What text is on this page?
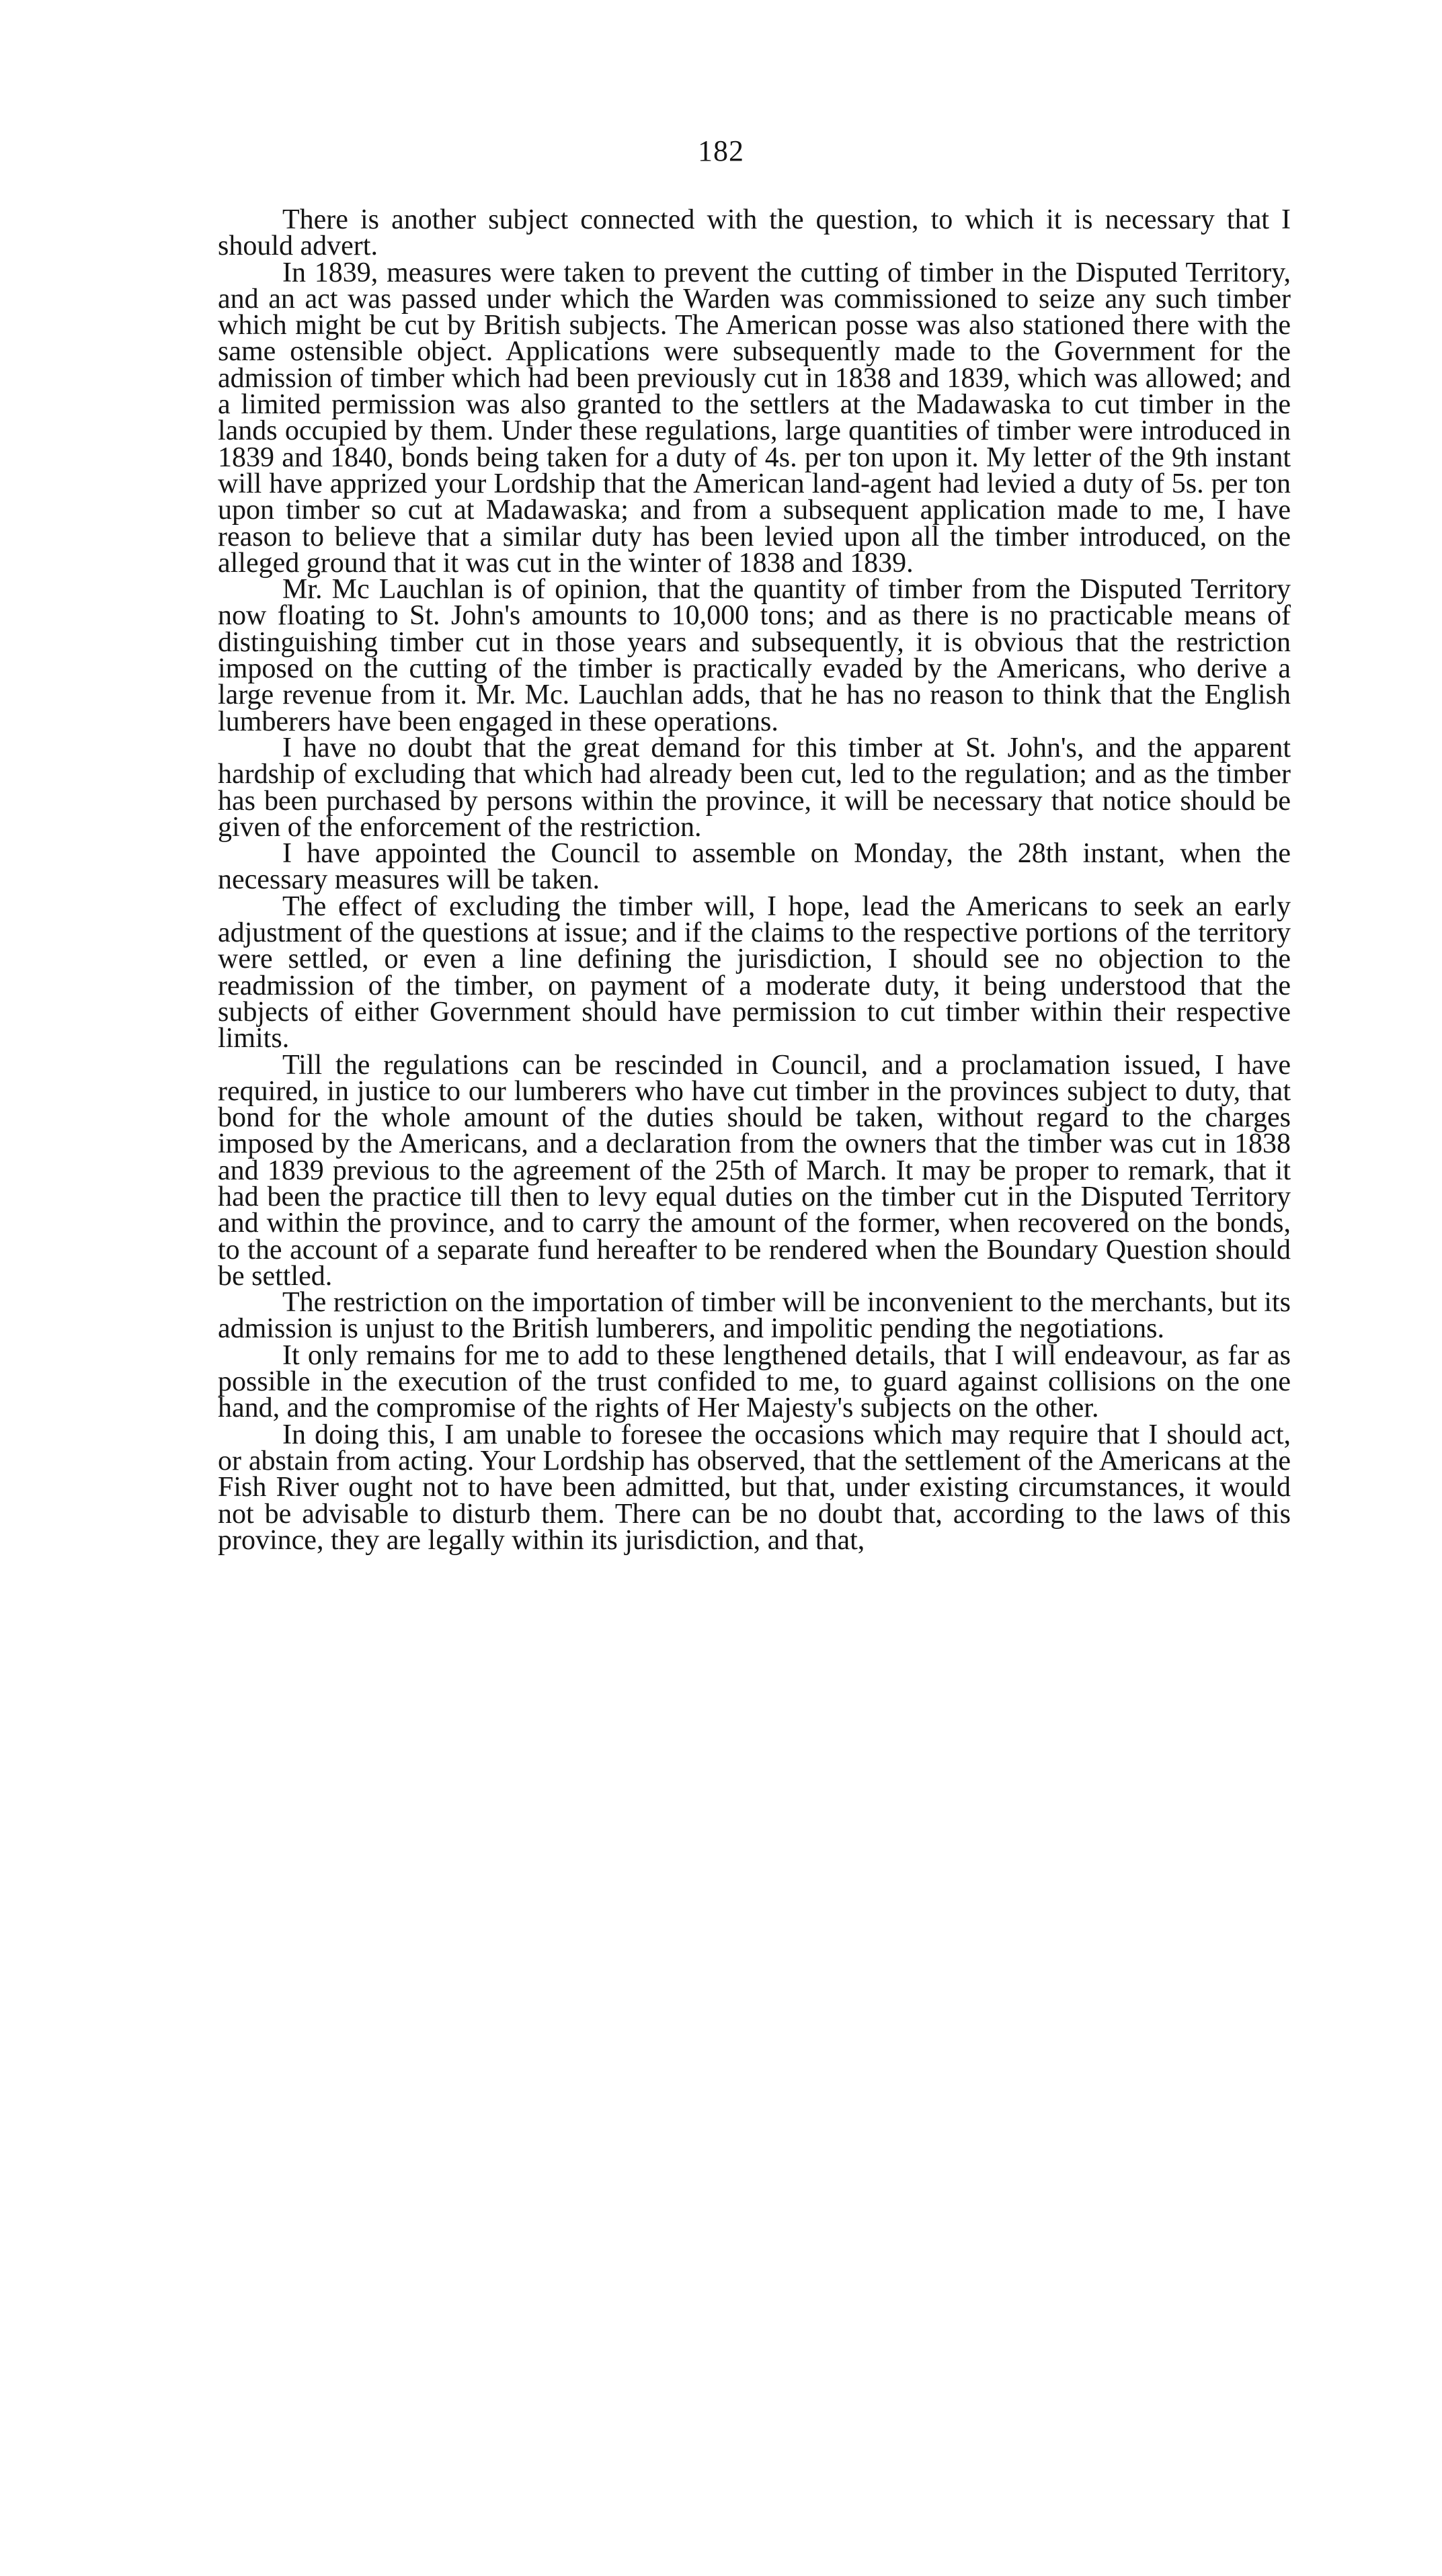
182

There is another subject connected with the question, to which it is necessary that I should advert.

In 1839, measures were taken to prevent the cutting of timber in the Disputed Territory, and an act was passed under which the Warden was commissioned to seize any such timber which might be cut by British subjects. The American posse was also stationed there with the same ostensible object. Applications were subsequently made to the Government for the admission of timber which had been previously cut in 1838 and 1839, which was allowed; and a limited permission was also granted to the settlers at the Madawaska to cut timber in the lands occupied by them. Under these regulations, large quantities of timber were introduced in 1839 and 1840, bonds being taken for a duty of 4s. per ton upon it. My letter of the 9th instant will have apprized your Lordship that the American land-agent had levied a duty of 5s. per ton upon timber so cut at Madawaska; and from a subsequent application made to me, I have reason to believe that a similar duty has been levied upon all the timber introduced, on the alleged ground that it was cut in the winter of 1838 and 1839.

Mr. Mc Lauchlan is of opinion, that the quantity of timber from the Disputed Territory now floating to St. John's amounts to 10,000 tons; and as there is no practicable means of distinguishing timber cut in those years and subsequently, it is obvious that the restriction imposed on the cutting of the timber is practically evaded by the Americans, who derive a large revenue from it. Mr. Mc. Lauchlan adds, that he has no reason to think that the English lumberers have been engaged in these operations.

I have no doubt that the great demand for this timber at St. John's, and the apparent hardship of excluding that which had already been cut, led to the regulation; and as the timber has been purchased by persons within the province, it will be necessary that notice should be given of the enforcement of the restriction.

I have appointed the Council to assemble on Monday, the 28th instant, when the necessary measures will be taken.

The effect of excluding the timber will, I hope, lead the Americans to seek an early adjustment of the questions at issue; and if the claims to the respective portions of the territory were settled, or even a line defining the jurisdiction, I should see no objection to the readmission of the timber, on payment of a moderate duty, it being understood that the subjects of either Government should have permission to cut timber within their respective limits.

Till the regulations can be rescinded in Council, and a proclamation issued, I have required, in justice to our lumberers who have cut timber in the provinces subject to duty, that bond for the whole amount of the duties should be taken, without regard to the charges imposed by the Americans, and a declaration from the owners that the timber was cut in 1838 and 1839 previous to the agreement of the 25th of March. It may be proper to remark, that it had been the practice till then to levy equal duties on the timber cut in the Disputed Territory and within the province, and to carry the amount of the former, when recovered on the bonds, to the account of a separate fund hereafter to be rendered when the Boundary Question should be settled.

The restriction on the importation of timber will be inconvenient to the merchants, but its admission is unjust to the British lumberers, and impolitic pending the negotiations.

It only remains for me to add to these lengthened details, that I will endeavour, as far as possible in the execution of the trust confided to me, to guard against collisions on the one hand, and the compromise of the rights of Her Majesty's subjects on the other.

In doing this, I am unable to foresee the occasions which may require that I should act, or abstain from acting. Your Lordship has observed, that the settlement of the Americans at the Fish River ought not to have been admitted, but that, under existing circumstances, it would not be advisable to disturb them. There can be no doubt that, according to the laws of this province, they are legally within its jurisdiction, and that,
